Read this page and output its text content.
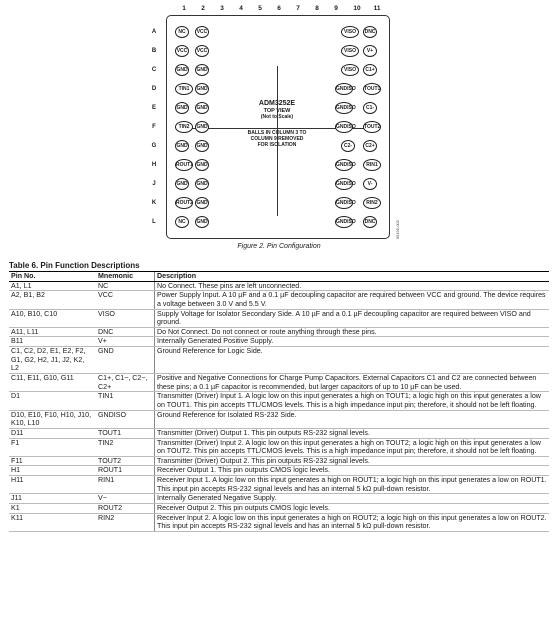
1	2	3	4	5	6	7	8	9	10 11
A
B
C
D
E
F
G
H
J
K
L
ADM3252E
TOP VIEW
(Not to Scale)
BALLS IN COLUMN 3 TO
COLUMN 9 REMOVED
FOR ISOLATION
NC	VCC
VCC	VCC
GND GND
TIN1	GND
GND GND
TIN2	GND
GND GND
ROUT1 GND
GND GND
ROUT2 GND
NC	GND
VISO	DNC
VISO	V+
VISO	C1+
GNDISO TOUT1
GNDISO	C1-
GNDISO TOUT2
C2-	C2+
GNDISO	RIN1
GNDISO	V-
GNDISO	RIN2
GNDISO	DNC	05195-002
Figure 2. Pin Configuration
Table 6. Pin Function Descriptions
Pin No.	Mnemonic	Description
A1, L1	NC	No Connect. These pins are left unconnected.
A2, B1, B2	VCC	Power Supply Input. A 10 µF and a 0.1 µF decoupling capacitor are required between VCC and ground. The device requires a voltage between 3.0 V and 5.5 V.
A10, B10, C10	VISO	Supply Voltage for Isolator Secondary Side. A 10 µF and a 0.1 µF decoupling capacitor are required between VISO and ground.
A11, L11	DNC	Do Not Connect. Do not connect or route anything through these pins.
B11	V+	Internally Generated Positive Supply.
C1, C2, D2, E1, E2, F2, G1, G2, H2, J1, J2, K2, L2	GND	Ground Reference for Logic Side.
C11, E11, G10, G11	C1+, C1−, C2−, C2+	Positive and Negative Connections for Charge Pump Capacitors. External Capacitors C1 and C2 are connected between these pins; a 0.1 µF capacitor is recommended, but larger capacitors of up to 10 µF can be used.
D1	TIN1	Transmitter (Driver) Input 1. A logic low on this input generates a high on TOUT1; a logic high on this input generates a low on TOUT1. This pin accepts TTL/CMOS levels. This is a high impedance input pin; therefore, it should not be left floating.
D10, E10, F10, H10, J10, K10, L10	GNDISO	Ground Reference for Isolated RS-232 Side.
D11	TOUT1	Transmitter (Driver) Output 1. This pin outputs RS-232 signal levels.
F1	TIN2	Transmitter (Driver) Input 2. A logic low on this input generates a high on TOUT2; a logic high on this input generates a low on TOUT2. This pin accepts TTL/CMOS levels. This is a high impedance input pin; therefore, it should not be left floating.
F11	TOUT2	Transmitter (Driver) Output 2. This pin outputs RS-232 signal levels.
H1	ROUT1	Receiver Output 1. This pin outputs CMOS logic levels.
H11	RIN1	Receiver Input 1. A logic low on this input generates a high on ROUT1; a logic high on this input generates a low on ROUT1. This input pin accepts RS-232 signal levels and has an internal 5 kΩ pull-down resistor.
J11	V−	Internally Generated Negative Supply.
K1	ROUT2	Receiver Output 2. This pin outputs CMOS logic levels.
K11	RIN2	Receiver Input 2. A logic low on this input generates a high on ROUT2; a logic high on this input generates a low on ROUT2. This input pin accepts RS-232 signal levels and has an internal 5 kΩ pull-down resistor.
